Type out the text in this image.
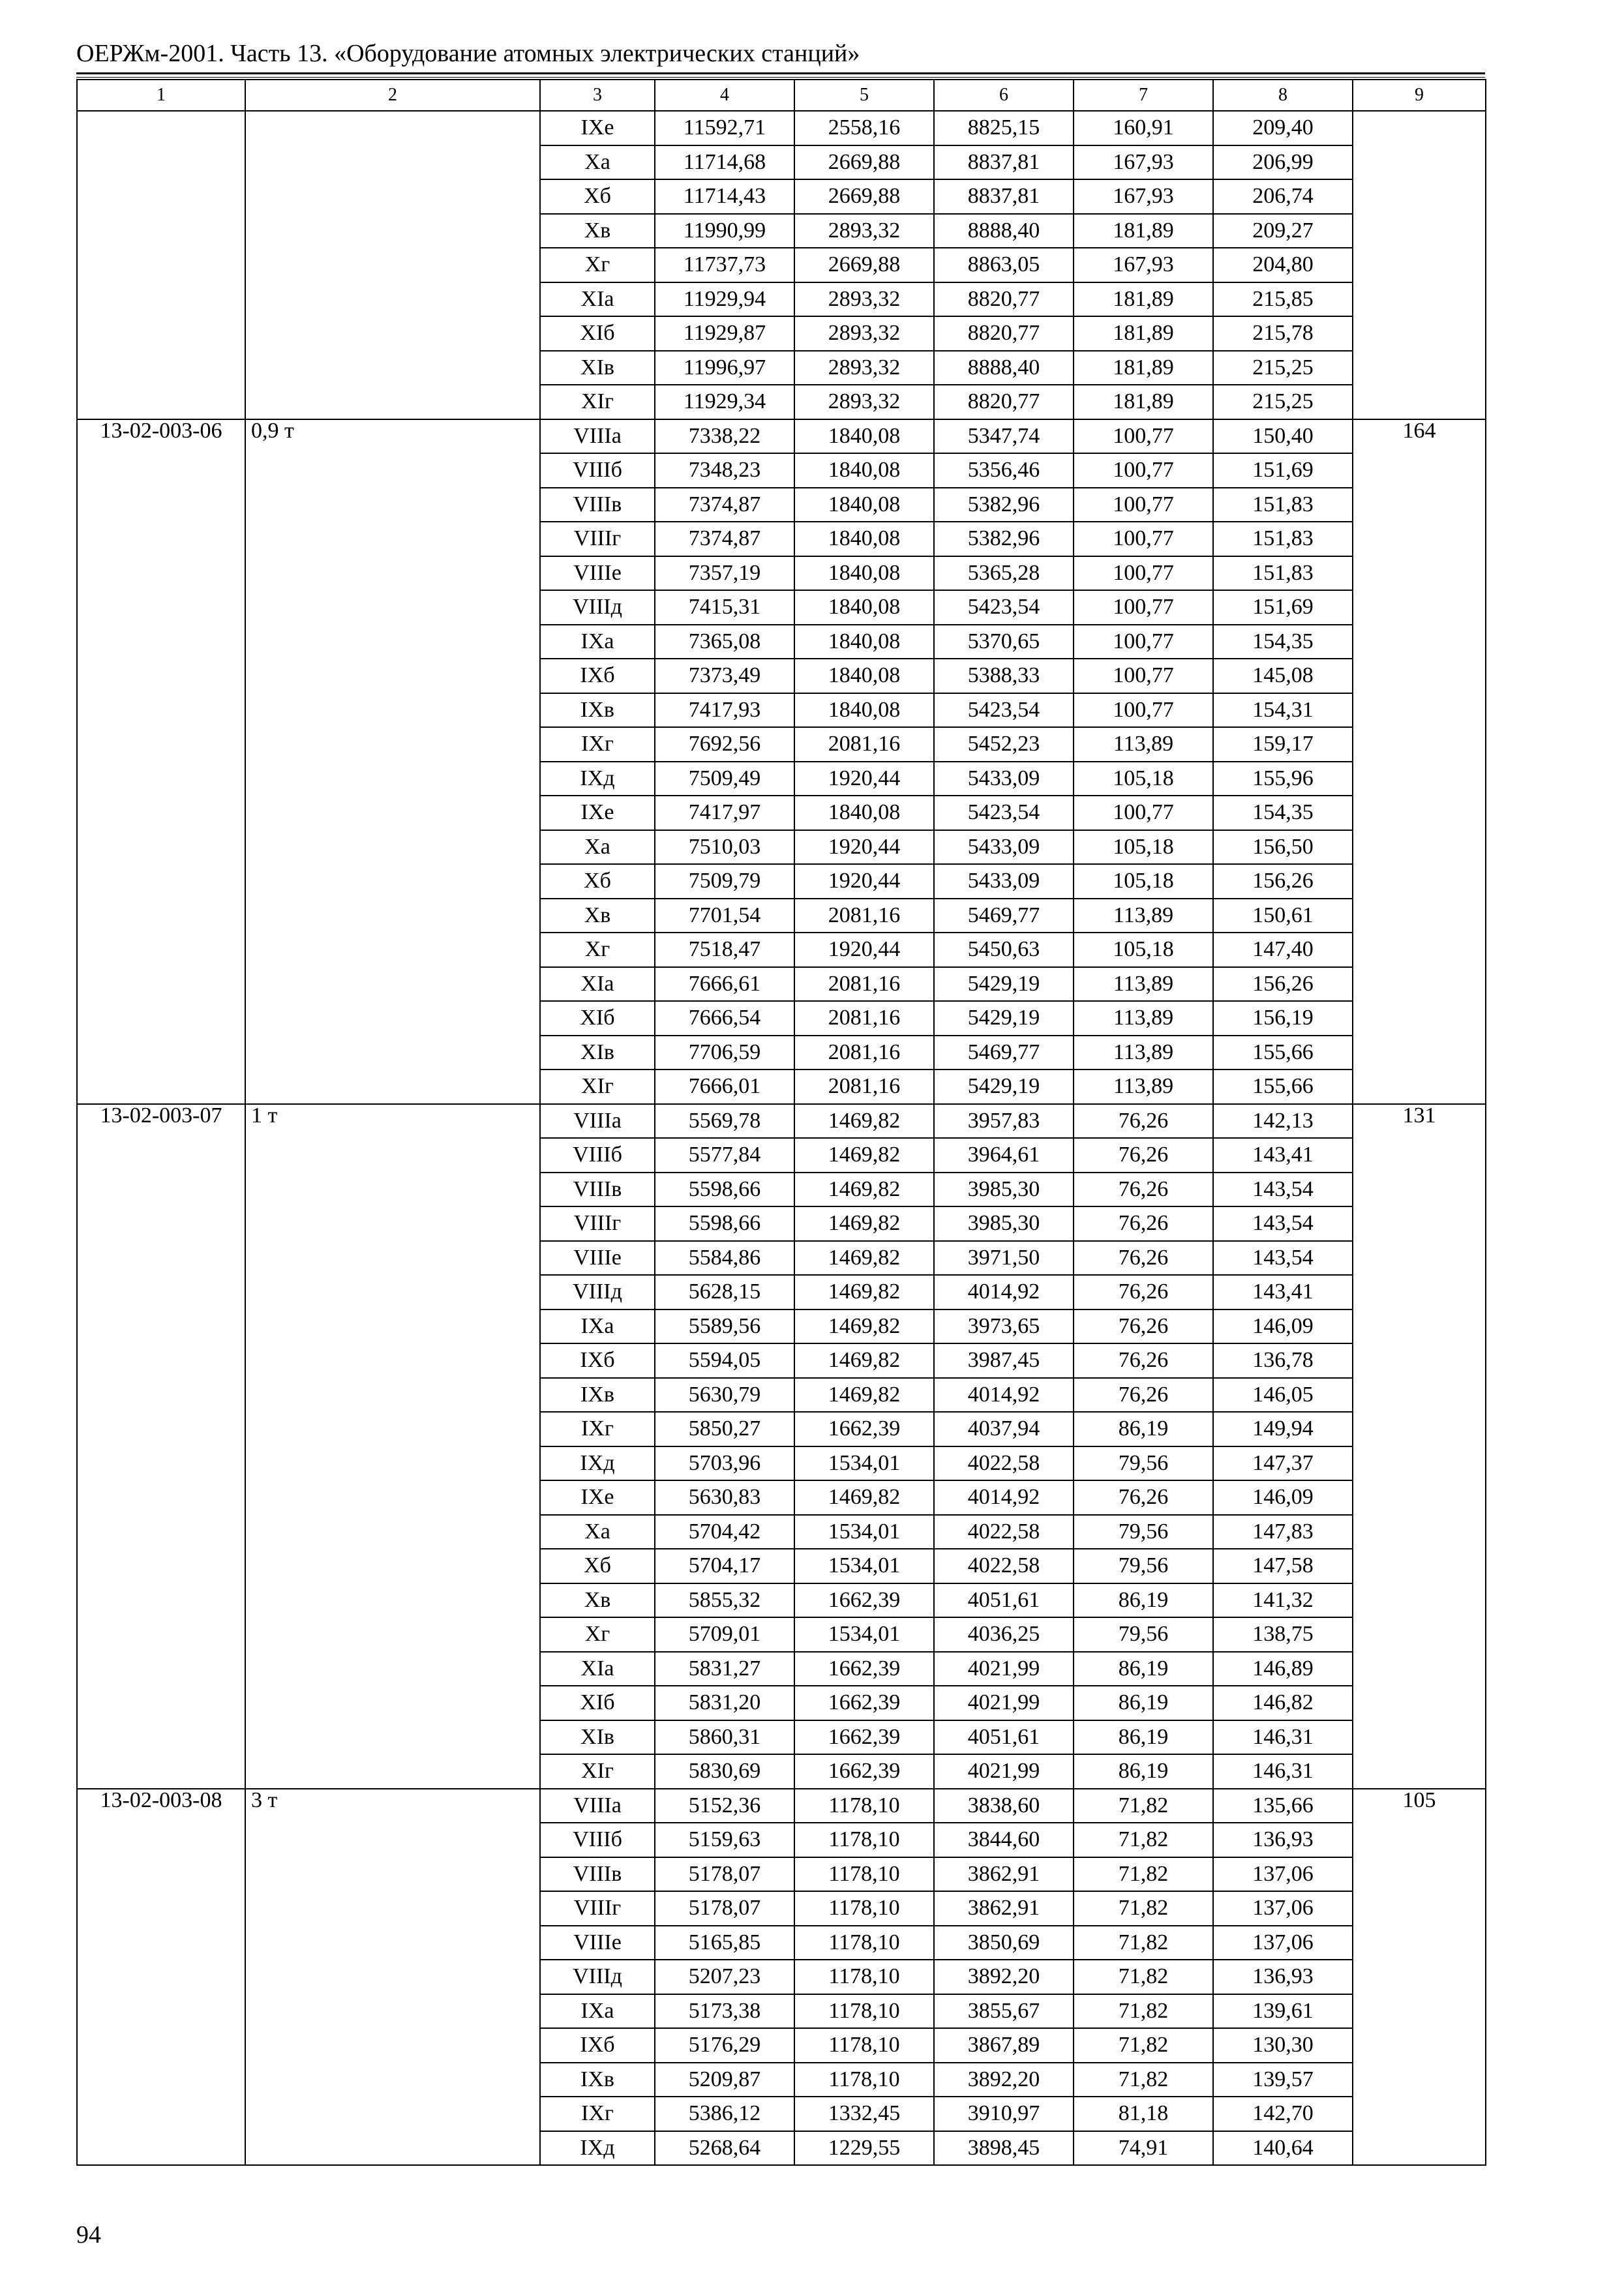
ОЕРЖм-2001. Часть 13. «Оборудование атомных электрических станций»
1	2	3	4	5	6	7	8	9
		IXe	11592,71	2558,16	8825,15	160,91	209,40	
		Xa	11714,68	2669,88	8837,81	167,93	206,99	
		Xб	11714,43	2669,88	8837,81	167,93	206,74	
		Xв	11990,99	2893,32	8888,40	181,89	209,27	
		Xг	11737,73	2669,88	8863,05	167,93	204,80	
		XIa	11929,94	2893,32	8820,77	181,89	215,85	
		XIб	11929,87	2893,32	8820,77	181,89	215,78	
		XIв	11996,97	2893,32	8888,40	181,89	215,25	
		XIг	11929,34	2893,32	8820,77	181,89	215,25	
13-02-003-06	0,9 т	VIIIa	7338,22	1840,08	5347,74	100,77	150,40	164
		VIIIб	7348,23	1840,08	5356,46	100,77	151,69	
		VIIIв	7374,87	1840,08	5382,96	100,77	151,83	
		VIIIг	7374,87	1840,08	5382,96	100,77	151,83	
		VIIIe	7357,19	1840,08	5365,28	100,77	151,83	
		VIIIд	7415,31	1840,08	5423,54	100,77	151,69	
		IXa	7365,08	1840,08	5370,65	100,77	154,35	
		IXб	7373,49	1840,08	5388,33	100,77	145,08	
		IXв	7417,93	1840,08	5423,54	100,77	154,31	
		IXг	7692,56	2081,16	5452,23	113,89	159,17	
		IXд	7509,49	1920,44	5433,09	105,18	155,96	
		IXe	7417,97	1840,08	5423,54	100,77	154,35	
		Xa	7510,03	1920,44	5433,09	105,18	156,50	
		Xб	7509,79	1920,44	5433,09	105,18	156,26	
		Xв	7701,54	2081,16	5469,77	113,89	150,61	
		Xг	7518,47	1920,44	5450,63	105,18	147,40	
		XIa	7666,61	2081,16	5429,19	113,89	156,26	
		XIб	7666,54	2081,16	5429,19	113,89	156,19	
		XIв	7706,59	2081,16	5469,77	113,89	155,66	
		XIг	7666,01	2081,16	5429,19	113,89	155,66	
13-02-003-07	1 т	VIIIa	5569,78	1469,82	3957,83	76,26	142,13	131
		VIIIб	5577,84	1469,82	3964,61	76,26	143,41	
		VIIIв	5598,66	1469,82	3985,30	76,26	143,54	
		VIIIг	5598,66	1469,82	3985,30	76,26	143,54	
		VIIIe	5584,86	1469,82	3971,50	76,26	143,54	
		VIIIд	5628,15	1469,82	4014,92	76,26	143,41	
		IXa	5589,56	1469,82	3973,65	76,26	146,09	
		IXб	5594,05	1469,82	3987,45	76,26	136,78	
		IXв	5630,79	1469,82	4014,92	76,26	146,05	
		IXг	5850,27	1662,39	4037,94	86,19	149,94	
		IXд	5703,96	1534,01	4022,58	79,56	147,37	
		IXe	5630,83	1469,82	4014,92	76,26	146,09	
		Xa	5704,42	1534,01	4022,58	79,56	147,83	
		Xб	5704,17	1534,01	4022,58	79,56	147,58	
		Xв	5855,32	1662,39	4051,61	86,19	141,32	
		Xг	5709,01	1534,01	4036,25	79,56	138,75	
		XIa	5831,27	1662,39	4021,99	86,19	146,89	
		XIб	5831,20	1662,39	4021,99	86,19	146,82	
		XIв	5860,31	1662,39	4051,61	86,19	146,31	
		XIг	5830,69	1662,39	4021,99	86,19	146,31	
13-02-003-08	3 т	VIIIa	5152,36	1178,10	3838,60	71,82	135,66	105
		VIIIб	5159,63	1178,10	3844,60	71,82	136,93	
		VIIIв	5178,07	1178,10	3862,91	71,82	137,06	
		VIIIг	5178,07	1178,10	3862,91	71,82	137,06	
		VIIIe	5165,85	1178,10	3850,69	71,82	137,06	
		VIIIд	5207,23	1178,10	3892,20	71,82	136,93	
		IXa	5173,38	1178,10	3855,67	71,82	139,61	
		IXб	5176,29	1178,10	3867,89	71,82	130,30	
		IXв	5209,87	1178,10	3892,20	71,82	139,57	
		IXг	5386,12	1332,45	3910,97	81,18	142,70	
		IXд	5268,64	1229,55	3898,45	74,91	140,64	
94
